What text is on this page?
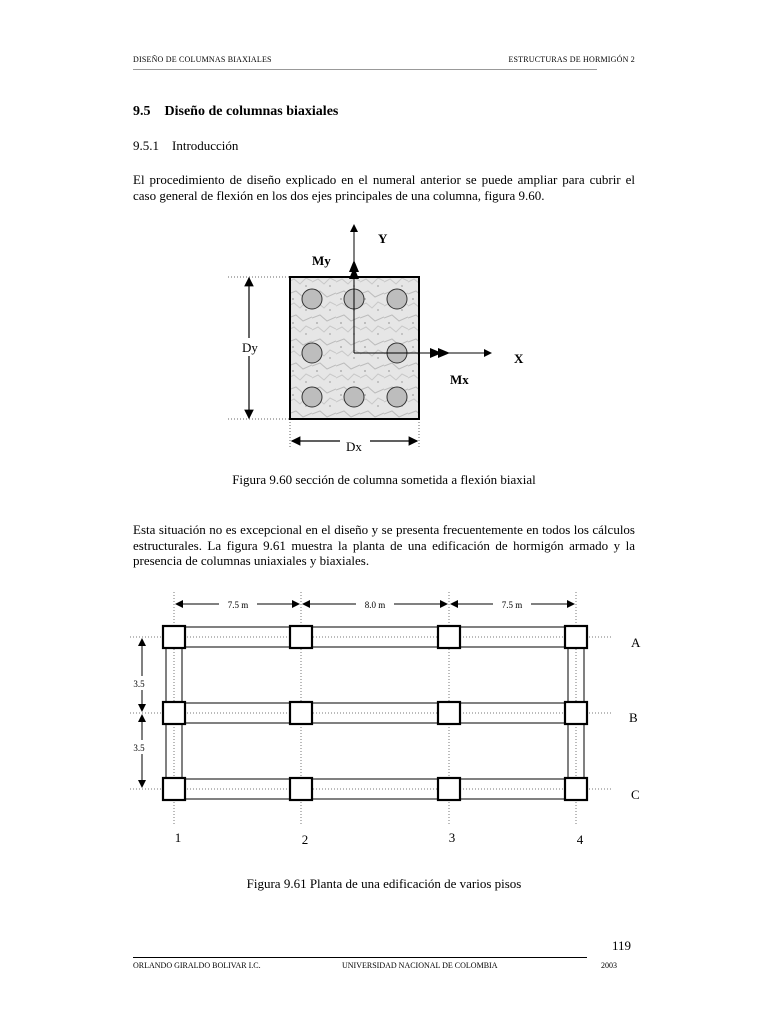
DISEÑO DE COLUMNAS BIAXIALES	ESTRUCTURAS DE HORMIGÓN 2
9.5 Diseño de columnas biaxiales
9.5.1 Introducción
El procedimiento de diseño explicado en el numeral anterior se puede ampliar para cubrir el caso general de flexión en los dos ejes principales de una columna, figura 9.60.
Y
My
X
Mx
Dy
Dx
Figura 9.60 sección de columna sometida a flexión biaxial
Esta situación no es excepcional en el diseño y se presenta frecuentemente en todos los cálculos estructurales. La figura 9.61 muestra la planta de una edificación de hormigón armado y la presencia de columnas uniaxiales y biaxiales.
7.5 m	8.0 m	7.5 m
3.5
3.5
A
B
C
1	2	3	4
Figura 9.61 Planta de una edificación de varios pisos
119
ORLANDO GIRALDO BOLIVAR I.C.	UNIVERSIDAD NACIONAL DE COLOMBIA	2003
